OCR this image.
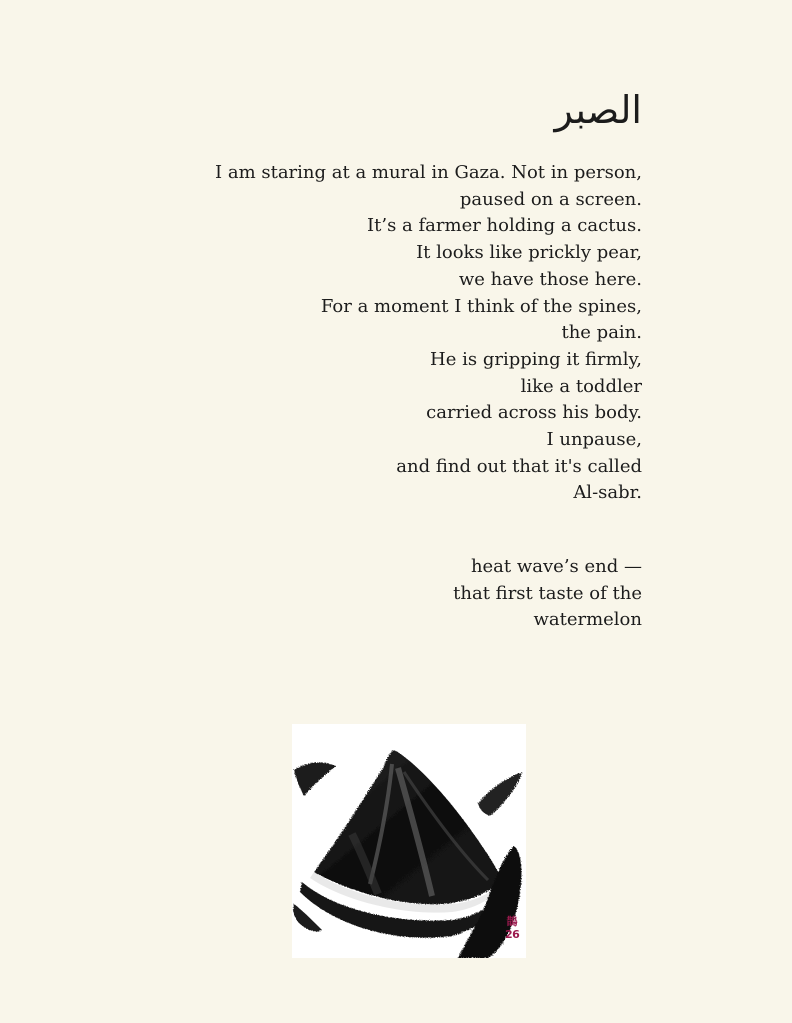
الصبر
I am staring at a mural in Gaza. Not in person,
paused on a screen.
It’s a farmer holding a cactus.
It looks like prickly pear,
we have those here.
For a moment I think of the spines,
the pain.
He is gripping it firmly,
like a toddler
carried across his body.
I unpause,
and find out that it's called
Al-sabr.
heat wave’s end —
that first taste of the
watermelon
鵲
26
